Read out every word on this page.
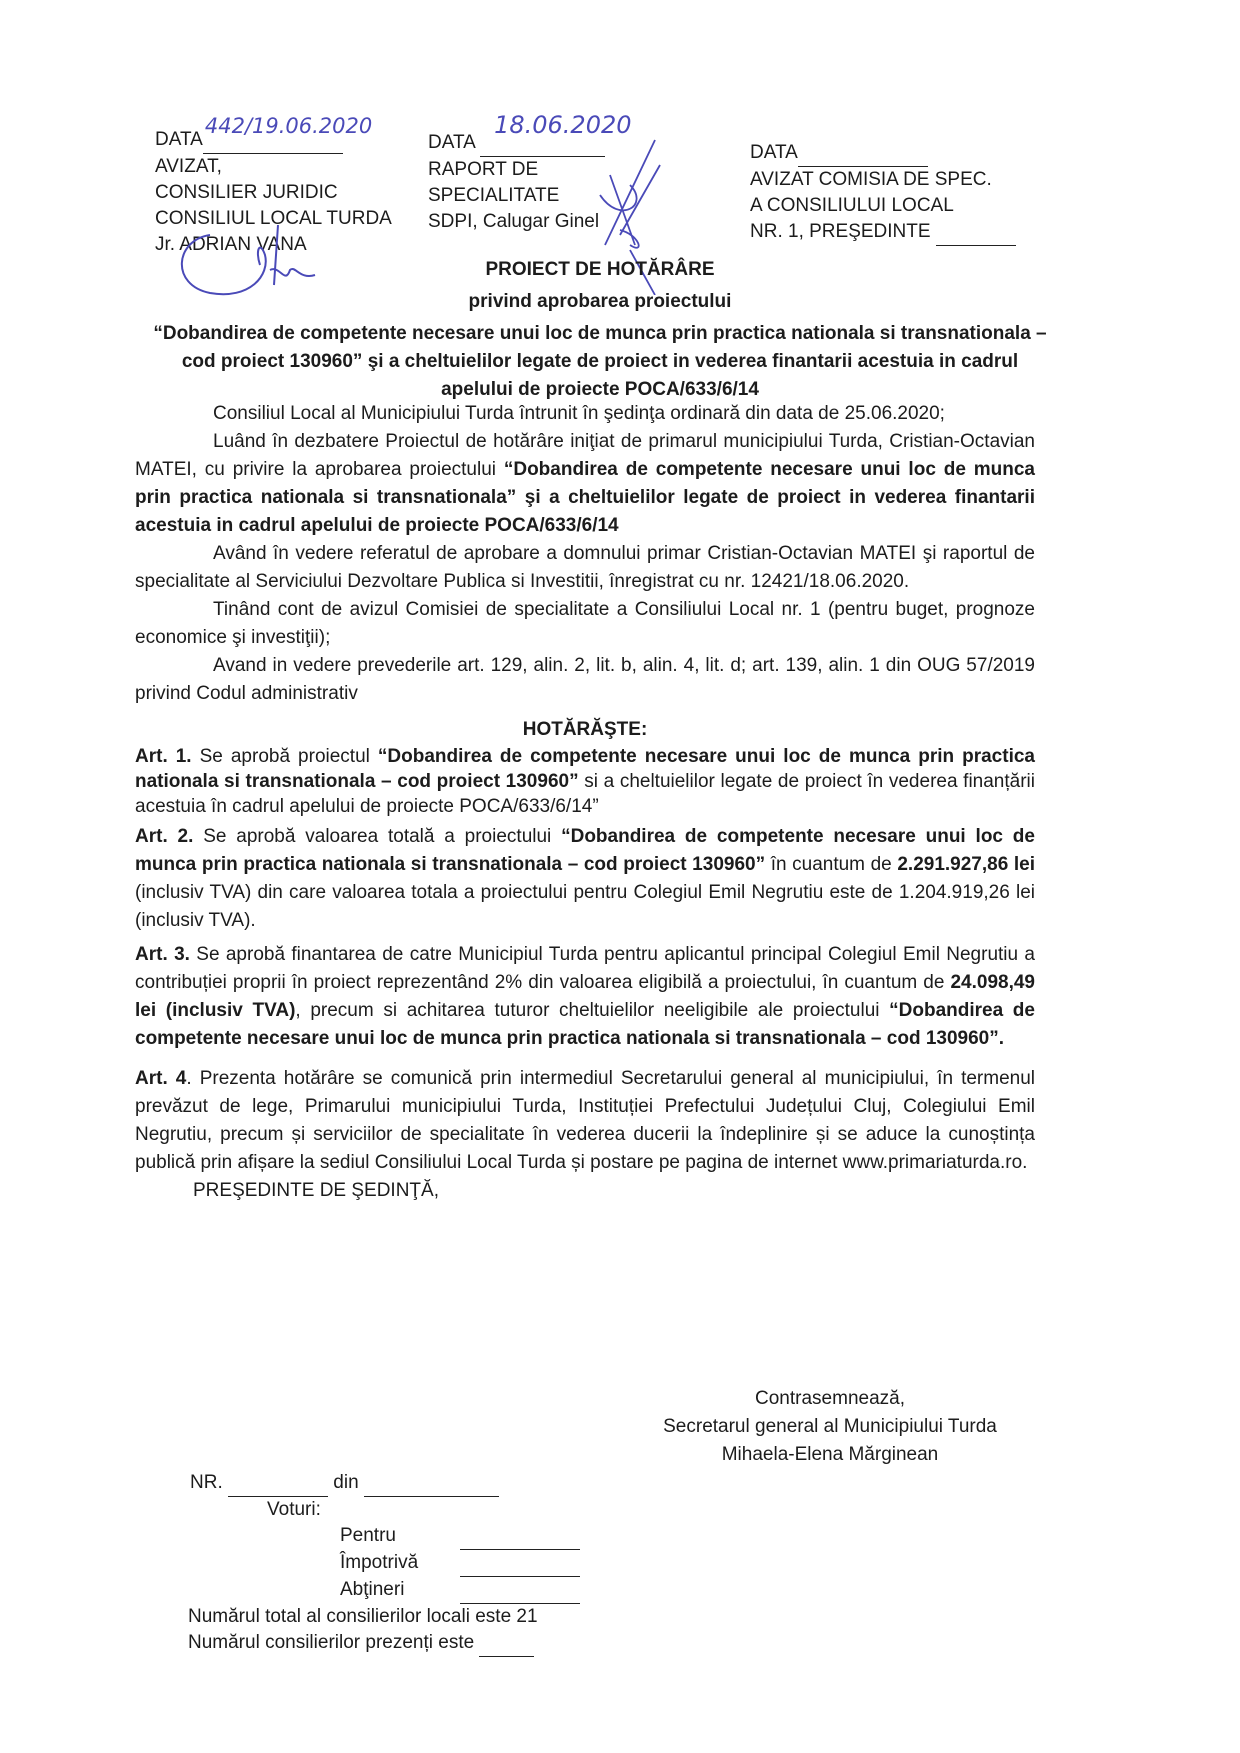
DATA
442/19.06.2020

AVIZAT,
CONSILIER JURIDIC
CONSILIUL LOCAL TURDA
Jr. ADRIAN VANA
DATA
18.06.2020

RAPORT DE
SPECIALITATE
SDPI, Calugar Ginel
DATA
AVIZAT COMISIA DE SPEC.
A CONSILIULUI LOCAL
NR. 1, PREŞEDINTE
PROIECT DE HOTĂRÂRE
privind aprobarea proiectului
“Dobandirea de competente necesare unui loc de munca prin practica nationala si transnationala – cod proiect 130960” şi a cheltuielilor legate de proiect in vederea finantarii acestuia in cadrul apelului de proiecte POCA/633/6/14

Consiliul Local al Municipiului Turda întrunit în şedinţa ordinară din data de 25.06.2020;

Luând în dezbatere Proiectul de hotărâre iniţiat de primarul municipiului Turda, Cristian-Octavian MATEI, cu privire la aprobarea proiectului “Dobandirea de competente necesare unui loc de munca prin practica nationala si transnationala” şi a cheltuielilor legate de proiect in vederea finantarii acestuia in cadrul apelului de proiecte POCA/633/6/14

Având în vedere referatul de aprobare a domnului primar Cristian-Octavian MATEI şi raportul de specialitate al Serviciului Dezvoltare Publica si Investitii, înregistrat cu nr. 12421/18.06.2020.

Tinând cont de avizul Comisiei de specialitate a Consiliului Local nr. 1 (pentru buget, prognoze economice şi investiţii);

Avand in vedere prevederile art. 129, alin. 2, lit. b, alin. 4, lit. d; art. 139, alin. 1 din OUG 57/2019 privind Codul administrativ

HOTĂRĂŞTE:

Art. 1. Se aprobă proiectul “Dobandirea de competente necesare unui loc de munca prin practica nationala si transnationala – cod proiect 130960” si a cheltuielilor legate de proiect în vederea finanțării acestuia în cadrul apelului de proiecte POCA/633/6/14”

Art. 2. Se aprobă valoarea totală a proiectului “Dobandirea de competente necesare unui loc de munca prin practica nationala si transnationala – cod proiect 130960” în cuantum de 2.291.927,86 lei (inclusiv TVA) din care valoarea totala a proiectului pentru Colegiul Emil Negrutiu este de 1.204.919,26 lei (inclusiv TVA).

Art. 3. Se aprobă finantarea de catre Municipiul Turda pentru aplicantul principal Colegiul Emil Negrutiu a contribuției proprii în proiect reprezentând 2% din valoarea eligibilă a proiectului, în cuantum de 24.098,49 lei (inclusiv TVA), precum si achitarea tuturor cheltuielilor neeligibile ale proiectului “Dobandirea de competente necesare unui loc de munca prin practica nationala si transnationala – cod 130960”.

Art. 4. Prezenta hotărâre se comunică prin intermediul Secretarului general al municipiului, în termenul prevăzut de lege, Primarului municipiului Turda, Instituției Prefectului Județului Cluj, Colegiului Emil Negrutiu, precum și serviciilor de specialitate în vederea ducerii la îndeplinire și se aduce la cunoștința publică prin afișare la sediul Consiliului Local Turda și postare pe pagina de internet www.primariaturda.ro.

PREŞEDINTE DE ŞEDINŢĂ,
Contrasemnează,
Secretarul general al Municipiului Turda
Mihaela-Elena Mărginean
NR.	din
Voturi:
Pentru
Împotrivă
Abţineri
Numărul total al consilierilor locali este 21
Numărul consilierilor prezenți este
